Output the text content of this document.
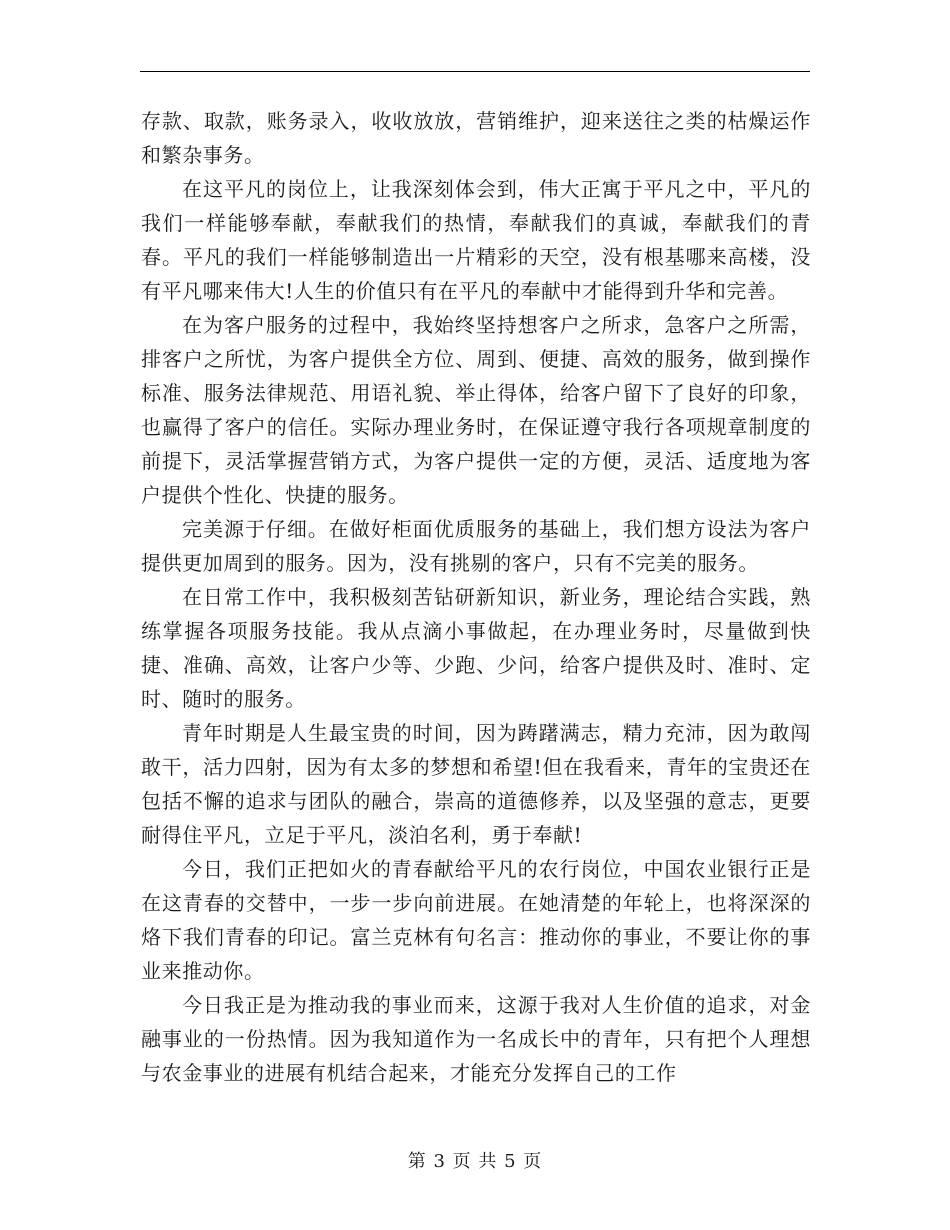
存款、取款，账务录入，收收放放，营销维护，迎来送往之类的枯燥运作和繁杂事务。

在这平凡的岗位上，让我深刻体会到，伟大正寓于平凡之中，平凡的我们一样能够奉献，奉献我们的热情，奉献我们的真诚，奉献我们的青春。平凡的我们一样能够制造出一片精彩的天空，没有根基哪来高楼，没有平凡哪来伟大!人生的价值只有在平凡的奉献中才能得到升华和完善。

在为客户服务的过程中，我始终坚持想客户之所求，急客户之所需，排客户之所忧，为客户提供全方位、周到、便捷、高效的服务，做到操作标准、服务法律规范、用语礼貌、举止得体，给客户留下了良好的印象，也赢得了客户的信任。实际办理业务时，在保证遵守我行各项规章制度的前提下，灵活掌握营销方式，为客户提供一定的方便，灵活、适度地为客户提供个性化、快捷的服务。

完美源于仔细。在做好柜面优质服务的基础上，我们想方设法为客户提供更加周到的服务。因为，没有挑剔的客户，只有不完美的服务。

在日常工作中，我积极刻苦钻研新知识，新业务，理论结合实践，熟练掌握各项服务技能。我从点滴小事做起，在办理业务时，尽量做到快捷、准确、高效，让客户少等、少跑、少问，给客户提供及时、准时、定时、随时的服务。

青年时期是人生最宝贵的时间，因为踌躇满志，精力充沛，因为敢闯敢干，活力四射，因为有太多的梦想和希望!但在我看来，青年的宝贵还在包括不懈的追求与团队的融合，崇高的道德修养，以及坚强的意志，更要耐得住平凡，立足于平凡，淡泊名利，勇于奉献!

今日，我们正把如火的青春献给平凡的农行岗位，中国农业银行正是在这青春的交替中，一步一步向前进展。在她清楚的年轮上，也将深深的烙下我们青春的印记。富兰克林有句名言：推动你的事业，不要让你的事业来推动你。

今日我正是为推动我的事业而来，这源于我对人生价值的追求，对金融事业的一份热情。因为我知道作为一名成长中的青年，只有把个人理想与农金事业的进展有机结合起来，才能充分发挥自己的工作

第 3 页 共 5 页
